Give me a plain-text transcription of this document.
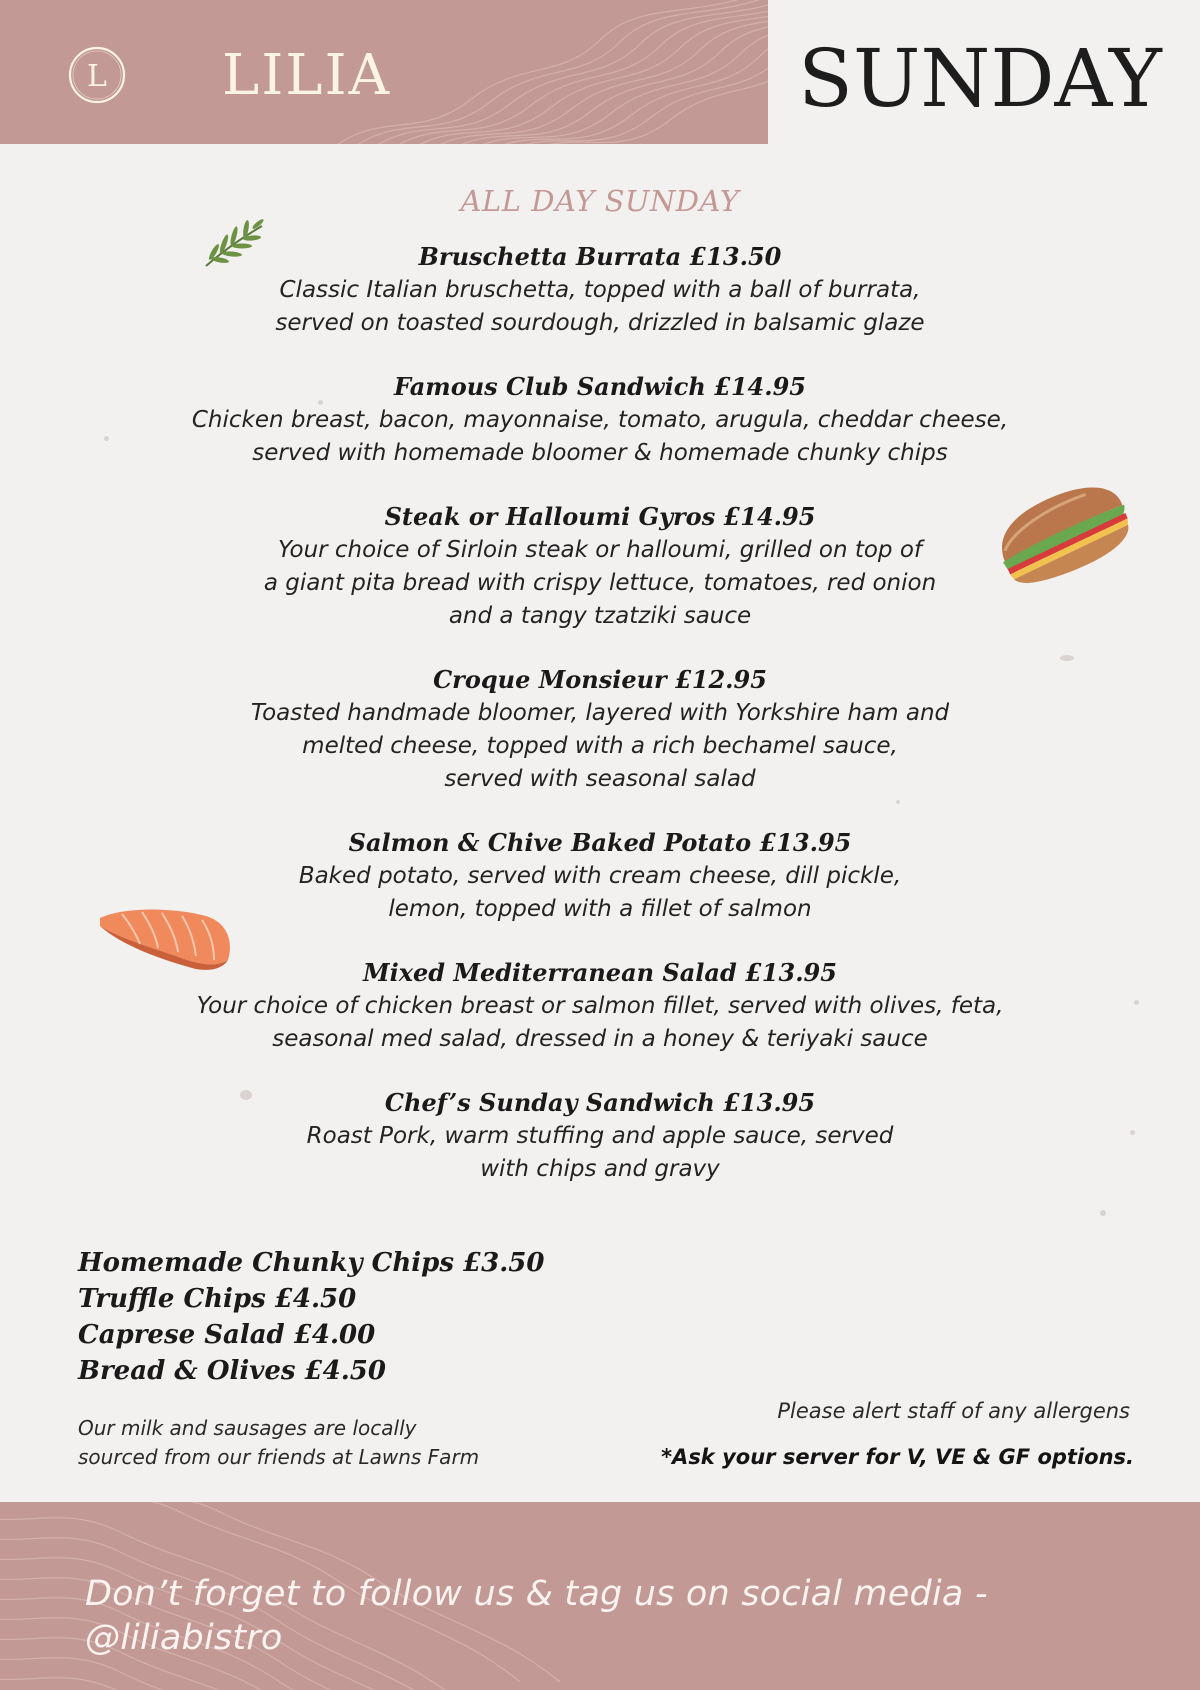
L LILIA	SUNDAY
ALL DAY SUNDAY
Bruschetta Burrata £13.50
Classic Italian bruschetta, topped with a ball of burrata,
served on toasted sourdough, drizzled in balsamic glaze
Famous Club Sandwich £14.95
Chicken breast, bacon, mayonnaise, tomato, arugula, cheddar cheese,
served with homemade bloomer & homemade chunky chips
Steak or Halloumi Gyros £14.95
Your choice of Sirloin steak or halloumi, grilled on top of
a giant pita bread with crispy lettuce, tomatoes, red onion
and a tangy tzatziki sauce
Croque Monsieur £12.95
Toasted handmade bloomer, layered with Yorkshire ham and
melted cheese, topped with a rich bechamel sauce,
served with seasonal salad
Salmon & Chive Baked Potato £13.95
Baked potato, served with cream cheese, dill pickle,
lemon, topped with a fillet of salmon
Mixed Mediterranean Salad £13.95
Your choice of chicken breast or salmon fillet, served with olives, feta,
seasonal med salad, dressed in a honey & teriyaki sauce
Chef’s Sunday Sandwich £13.95
Roast Pork, warm stuffing and apple sauce, served
with chips and gravy
Homemade Chunky Chips £3.50
Truffle Chips £4.50
Caprese Salad £4.00
Bread & Olives £4.50
Our milk and sausages are locally
sourced from our friends at Lawns Farm
Please alert staff of any allergens
*Ask your server for V, VE & GF options.
Don’t forget to follow us & tag us on social media - @liliabistro
